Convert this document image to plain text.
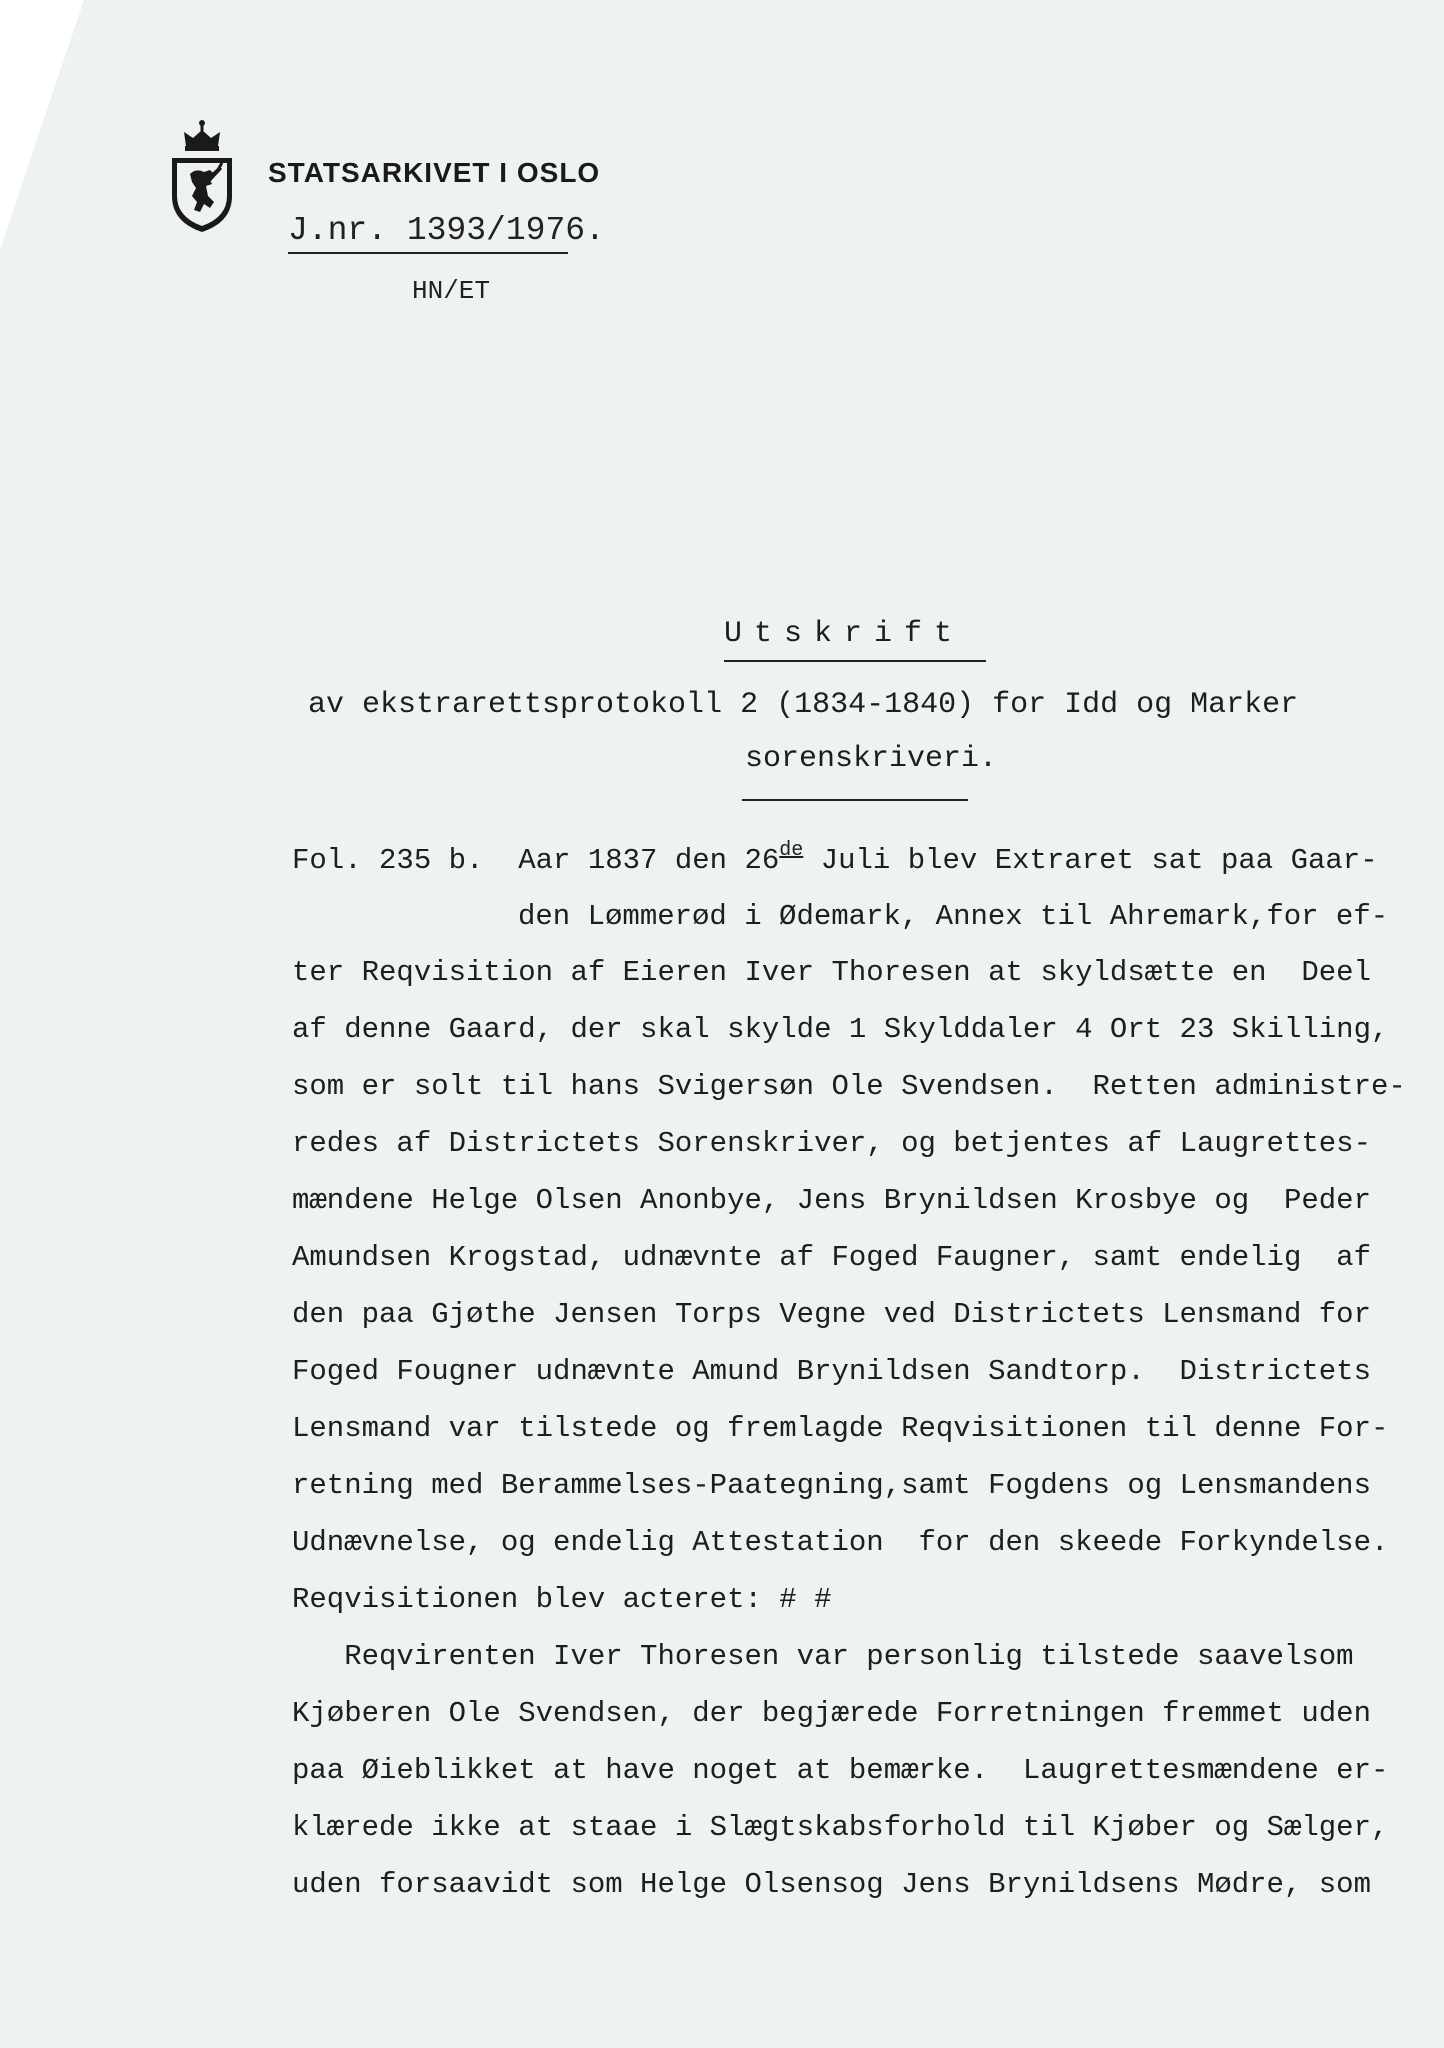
STATSARKIVET I OSLO
J.nr. 1393/1976.
HN/ET
Utskrift
av ekstrarettsprotokoll 2 (1834-1840) for Idd og Marker
sorenskriveri.
Fol. 235 b.  Aar 1837 den 26de Juli blev Extraret sat paa Gaar-
den Lømmerød i Ødemark, Annex til Ahremark,for ef-
ter Reqvisition af Eieren Iver Thoresen at skyldsætte en  Deel
af denne Gaard, der skal skylde 1 Skylddaler 4 Ort 23 Skilling,
som er solt til hans Svigersøn Ole Svendsen.  Retten administre-
redes af Districtets Sorenskriver, og betjentes af Laugrettes-
mændene Helge Olsen Anonbye, Jens Brynildsen Krosbye og  Peder
Amundsen Krogstad, udnævnte af Foged Faugner, samt endelig  af
den paa Gjøthe Jensen Torps Vegne ved Districtets Lensmand for
Foged Fougner udnævnte Amund Brynildsen Sandtorp.  Districtets
Lensmand var tilstede og fremlagde Reqvisitionen til denne For-
retning med Berammelses-Paategning,samt Fogdens og Lensmandens
Udnævnelse, og endelig Attestation  for den skeede Forkyndelse.
Reqvisitionen blev acteret: # #
Reqvirenten Iver Thoresen var personlig tilstede saavelsom
Kjøberen Ole Svendsen, der begjærede Forretningen fremmet uden
paa Øieblikket at have noget at bemærke.  Laugrettesmændene er-
klærede ikke at staae i Slægtskabsforhold til Kjøber og Sælger,
uden forsaavidt som Helge Olsensog Jens Brynildsens Mødre, som
